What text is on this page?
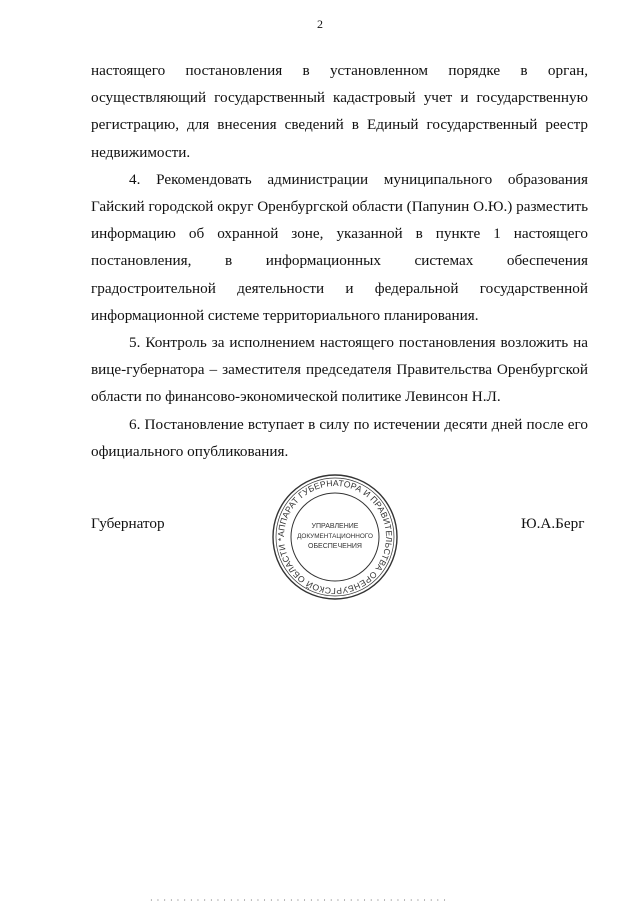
2

настоящего постановления в установленном порядке в орган,
осуществляющий государственный кадастровый учет и государственную
регистрацию, для внесения сведений в Единый государственный реестр
недвижимости.

4. Рекомендовать администрации муниципального образования
Гайский городской округ Оренбургской области (Папунин О.Ю.) разместить
информацию об охранной зоне, указанной в пункте 1 настоящего
постановления, в информационных системах обеспечения
градостроительной деятельности и федеральной государственной
информационной системе территориального планирования.

5. Контроль за исполнением настоящего постановления возложить на
вице-губернатора – заместителя председателя Правительства Оренбургской
области по финансово-экономической политике Левинсон Н.Л.

6. Постановление вступает в силу по истечении десяти дней после его
официального опубликования.

Губернатор	Ю.А.Берг
АППАРАТ ГУБЕРНАТОРА И ПРАВИТЕЛЬСТВА ОРЕНБУРГСКОЙ ОБЛАСТИ *
УПРАВЛЕНИЕ
ДОКУМЕНТАЦИОННОГО
ОБЕСПЕЧЕНИЯ
· · · · · · · · · · · · · · · · · · · · · · · · · · · · · · · · · · · · · · · · · · · · ·
